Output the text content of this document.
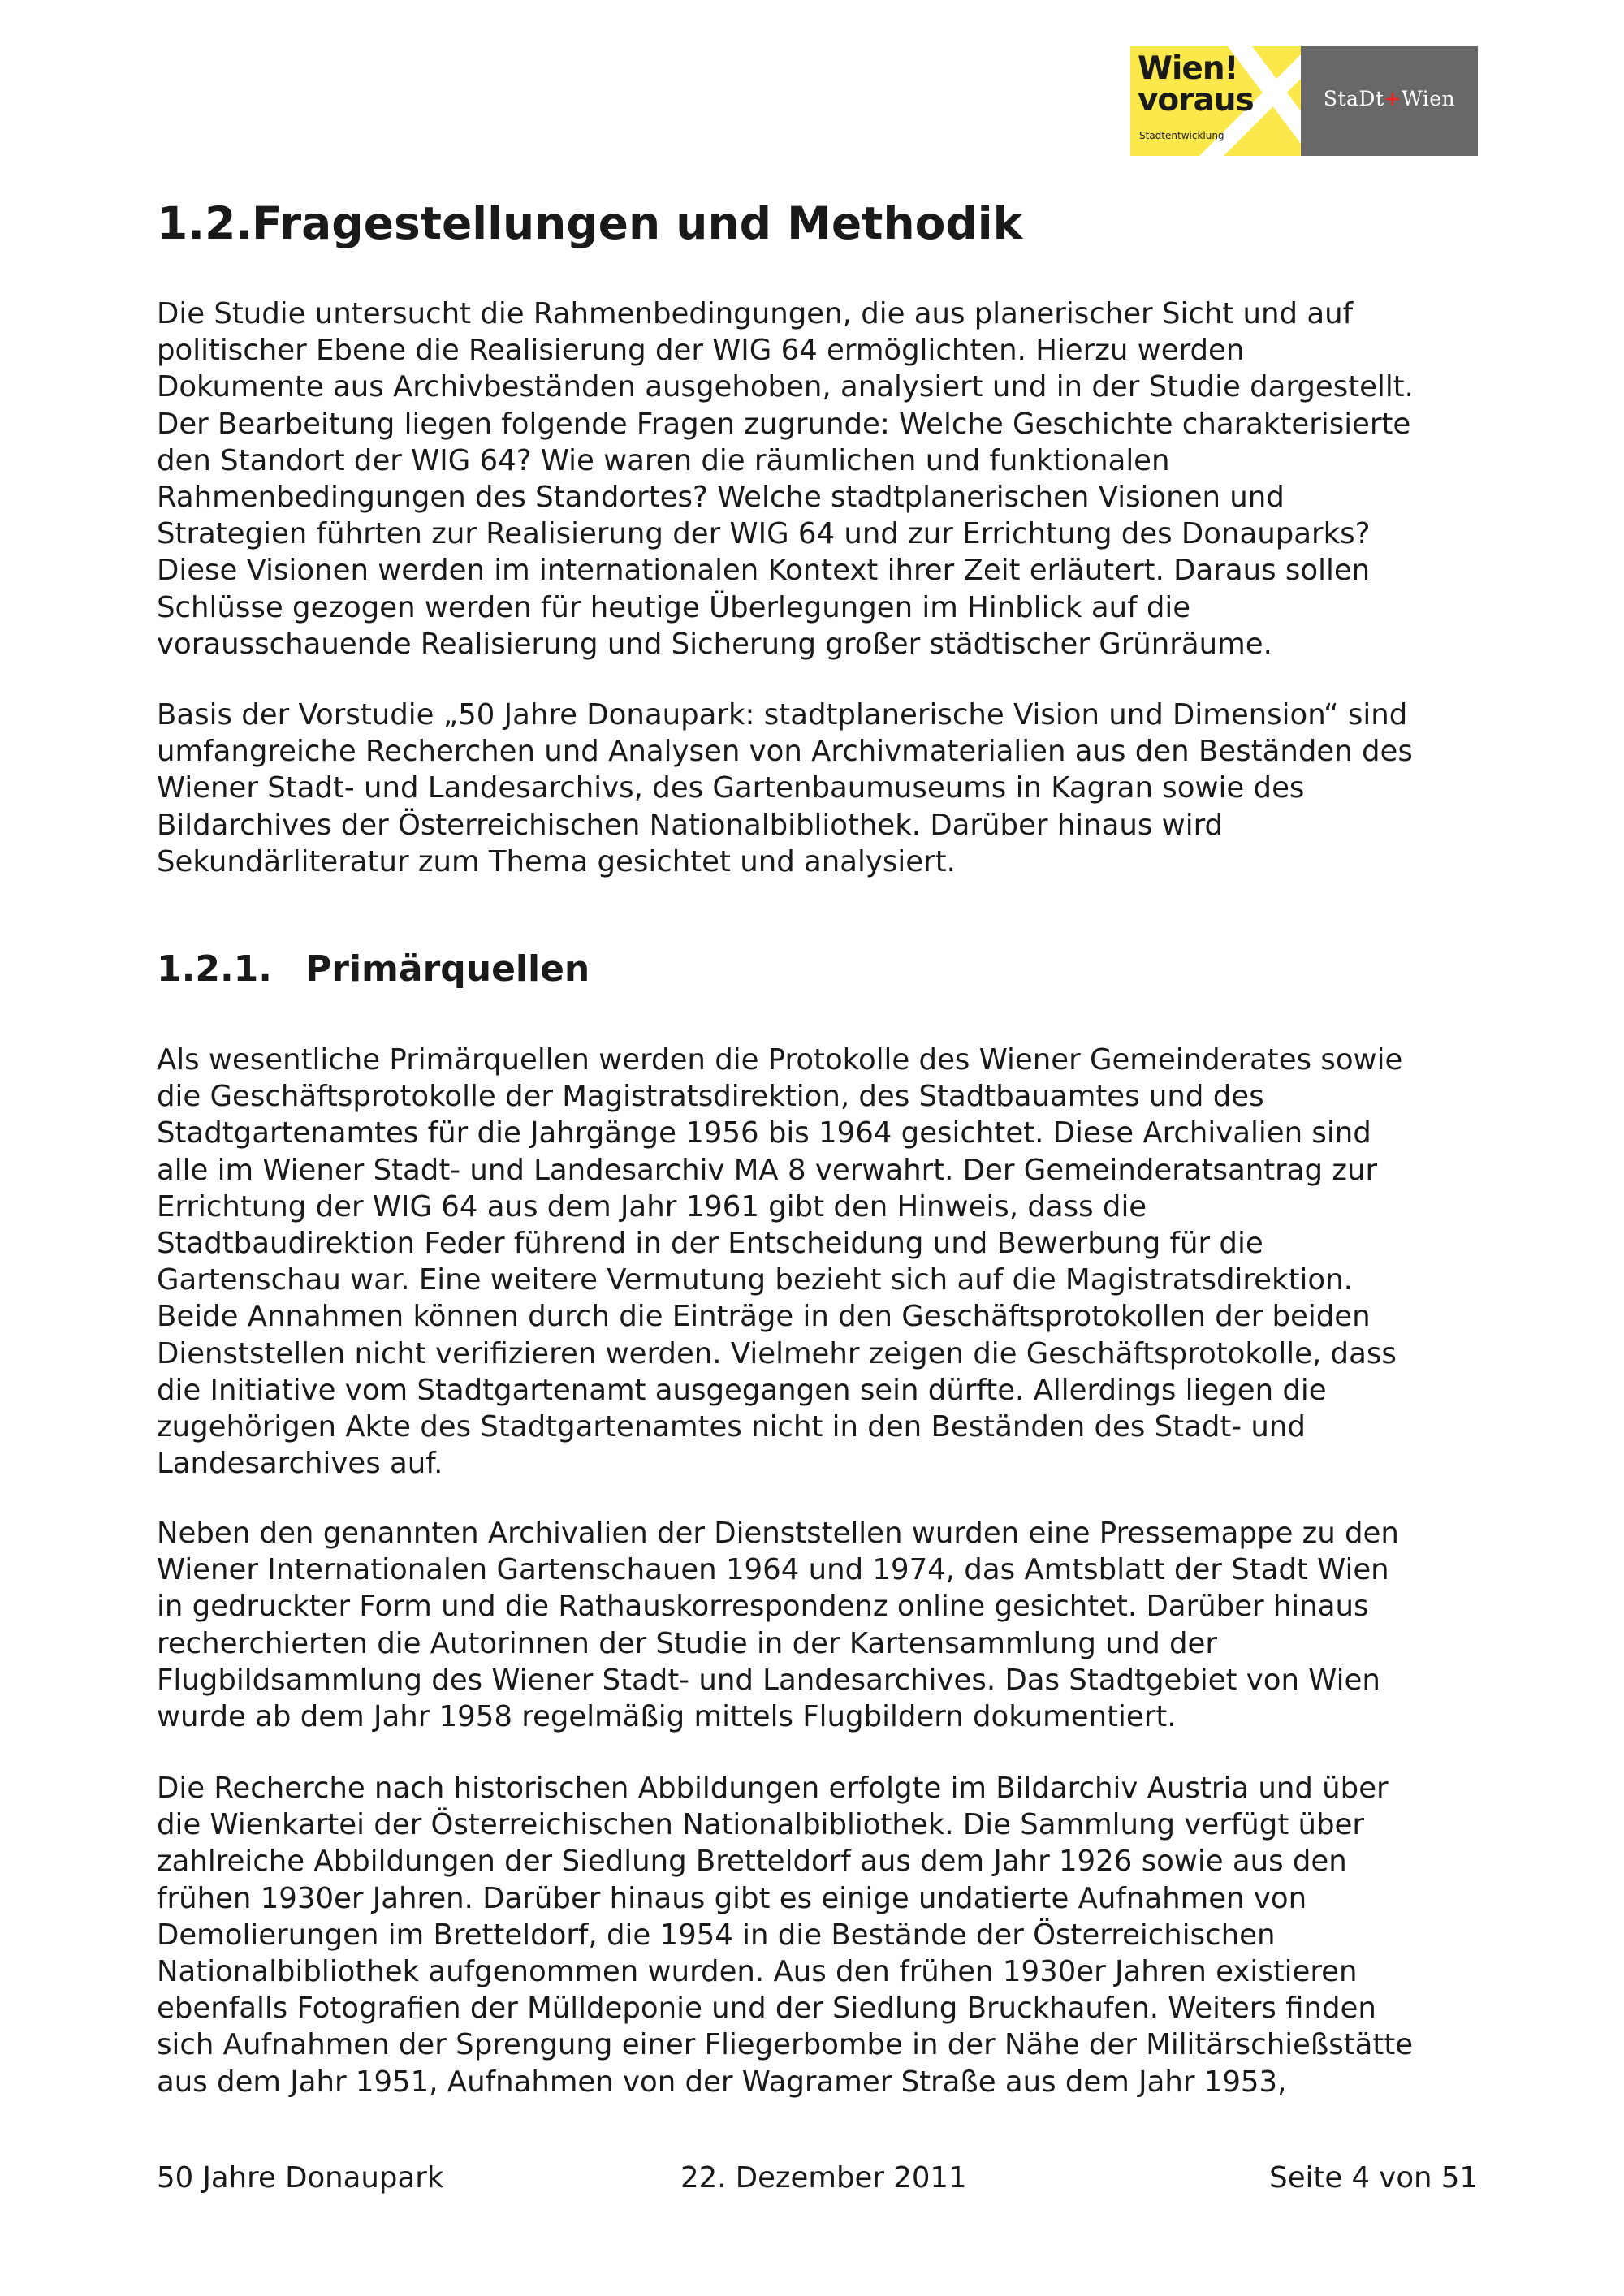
Wien!
voraus
Stadtentwicklung
StaDt+Wien
1.2.Fragestellungen und Methodik

Die Studie untersucht die Rahmenbedingungen, die aus planerischer Sicht und auf
politischer Ebene die Realisierung der WIG 64 ermöglichten. Hierzu werden
Dokumente aus Archivbeständen ausgehoben, analysiert und in der Studie dargestellt.
Der Bearbeitung liegen folgende Fragen zugrunde: Welche Geschichte charakterisierte
den Standort der WIG 64? Wie waren die räumlichen und funktionalen
Rahmenbedingungen des Standortes? Welche stadtplanerischen Visionen und
Strategien führten zur Realisierung der WIG 64 und zur Errichtung des Donauparks?
Diese Visionen werden im internationalen Kontext ihrer Zeit erläutert. Daraus sollen
Schlüsse gezogen werden für heutige Überlegungen im Hinblick auf die
vorausschauende Realisierung und Sicherung großer städtischer Grünräume.

Basis der Vorstudie „50 Jahre Donaupark: stadtplanerische Vision und Dimension“ sind
umfangreiche Recherchen und Analysen von Archivmaterialien aus den Beständen des
Wiener Stadt- und Landesarchivs, des Gartenbaumuseums in Kagran sowie des
Bildarchives der Österreichischen Nationalbibliothek. Darüber hinaus wird
Sekundärliteratur zum Thema gesichtet und analysiert.

1.2.1. Primärquellen

Als wesentliche Primärquellen werden die Protokolle des Wiener Gemeinderates sowie
die Geschäftsprotokolle der Magistratsdirektion, des Stadtbauamtes und des
Stadtgartenamtes für die Jahrgänge 1956 bis 1964 gesichtet. Diese Archivalien sind
alle im Wiener Stadt- und Landesarchiv MA 8 verwahrt. Der Gemeinderatsantrag zur
Errichtung der WIG 64 aus dem Jahr 1961 gibt den Hinweis, dass die
Stadtbaudirektion Feder führend in der Entscheidung und Bewerbung für die
Gartenschau war. Eine weitere Vermutung bezieht sich auf die Magistratsdirektion.
Beide Annahmen können durch die Einträge in den Geschäftsprotokollen der beiden
Dienststellen nicht verifizieren werden. Vielmehr zeigen die Geschäftsprotokolle, dass
die Initiative vom Stadtgartenamt ausgegangen sein dürfte. Allerdings liegen die
zugehörigen Akte des Stadtgartenamtes nicht in den Beständen des Stadt- und
Landesarchives auf.

Neben den genannten Archivalien der Dienststellen wurden eine Pressemappe zu den
Wiener Internationalen Gartenschauen 1964 und 1974, das Amtsblatt der Stadt Wien
in gedruckter Form und die Rathauskorrespondenz online gesichtet. Darüber hinaus
recherchierten die Autorinnen der Studie in der Kartensammlung und der
Flugbildsammlung des Wiener Stadt- und Landesarchives. Das Stadtgebiet von Wien
wurde ab dem Jahr 1958 regelmäßig mittels Flugbildern dokumentiert.

Die Recherche nach historischen Abbildungen erfolgte im Bildarchiv Austria und über
die Wienkartei der Österreichischen Nationalbibliothek. Die Sammlung verfügt über
zahlreiche Abbildungen der Siedlung Bretteldorf aus dem Jahr 1926 sowie aus den
frühen 1930er Jahren. Darüber hinaus gibt es einige undatierte Aufnahmen von
Demolierungen im Bretteldorf, die 1954 in die Bestände der Österreichischen
Nationalbibliothek aufgenommen wurden. Aus den frühen 1930er Jahren existieren
ebenfalls Fotografien der Mülldeponie und der Siedlung Bruckhaufen. Weiters finden
sich Aufnahmen der Sprengung einer Fliegerbombe in der Nähe der Militärschießstätte
aus dem Jahr 1951, Aufnahmen von der Wagramer Straße aus dem Jahr 1953,

50 Jahre Donaupark	22. Dezember 2011	Seite 4 von 51
